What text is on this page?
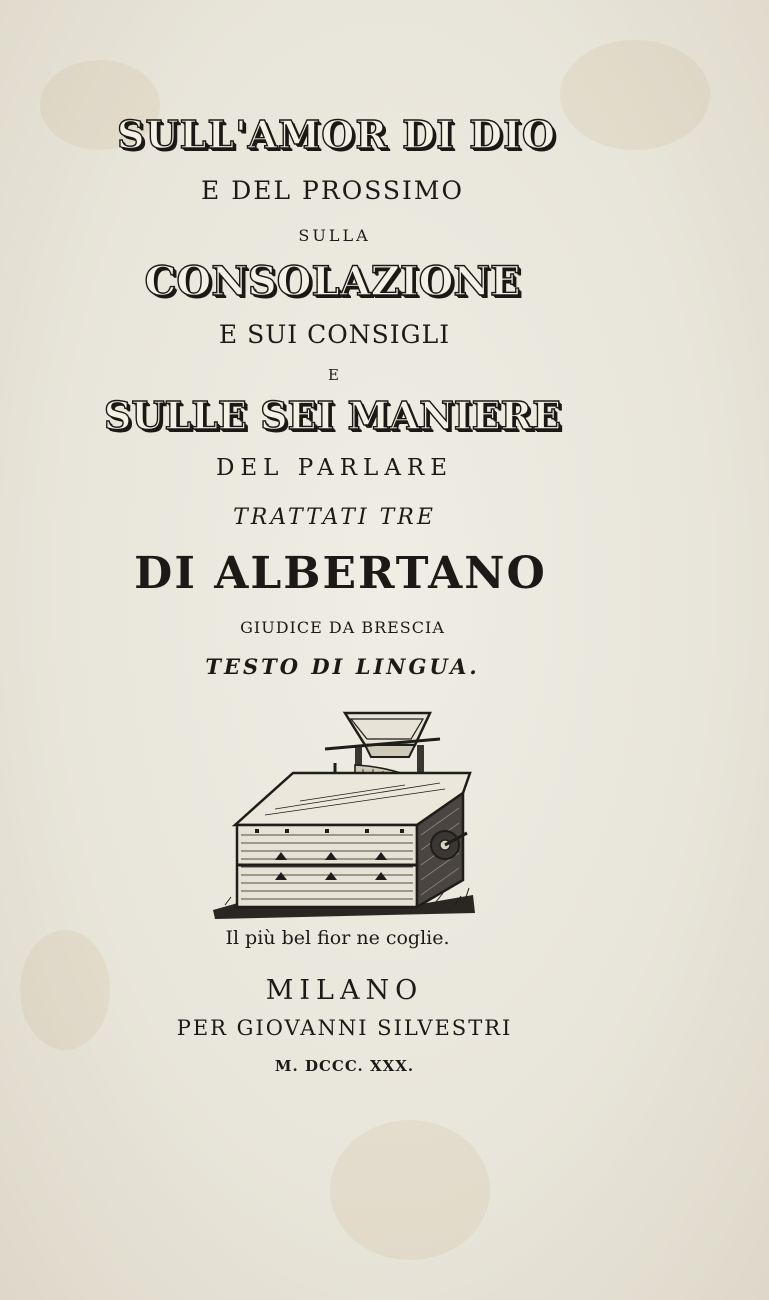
SULL'AMOR DI DIO
E DEL PROSSIMO
SULLA
CONSOLAZIONE
E SUI CONSIGLI
E
SULLE SEI MANIERE
DEL PARLARE
TRATTATI TRE
DI ALBERTANO
GIUDICE DA BRESCIA
TESTO DI LINGUA.
Il più bel fior ne coglie.
MILANO
PER GIOVANNI SILVESTRI
M. DCCC. XXX.
